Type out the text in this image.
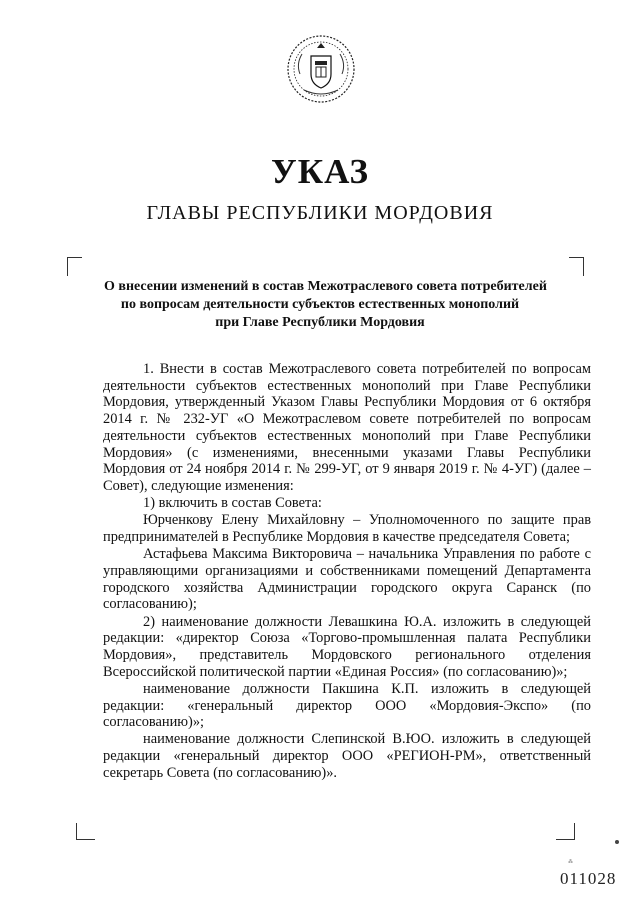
УКАЗ
ГЛАВЫ РЕСПУБЛИКИ МОРДОВИЯ
О внесении изменений в состав Межотраслевого совета потребителей
по вопросам деятельности субъектов естественных монополий
при Главе Республики Мордовия

1. Внести в состав Межотраслевого совета потребителей по вопросам деятельности субъектов естественных монополий при Главе Республики Мордовия, утвержденный Указом Главы Республики Мордовия от 6 октября 2014 г. № 232-УГ «О Межотраслевом совете потребителей по вопросам деятельности субъектов естественных монополий при Главе Республики Мордовия» (с изменениями, внесенными указами Главы Республики Мордовия от 24 ноября 2014 г. № 299-УГ, от 9 января 2019 г. № 4-УГ) (далее – Совет), следующие изменения:

1) включить в состав Совета:

Юрченкову Елену Михайловну – Уполномоченного по защите прав предпринимателей в Республике Мордовия в качестве председателя Совета;

Астафьева Максима Викторовича – начальника Управления по работе с управляющими организациями и собственниками помещений Департамента городского хозяйства Администрации городского округа Саранск (по согласованию);

2) наименование должности Левашкина Ю.А. изложить в следующей редакции: «директор Союза «Торгово-промышленная палата Республики Мордовия», представитель Мордовского регионального отделения Всероссийской политической партии «Единая Россия» (по согласованию)»;

наименование должности Пакшина К.П. изложить в следующей редакции: «генеральный директор ООО «Мордовия-Экспо» (по согласованию)»;

наименование должности Слепинской В.ЮО. изложить в следующей редакции «генеральный директор ООО «РЕГИОН-РМ», ответственный секретарь Совета (по согласованию)».

⁂
011028
